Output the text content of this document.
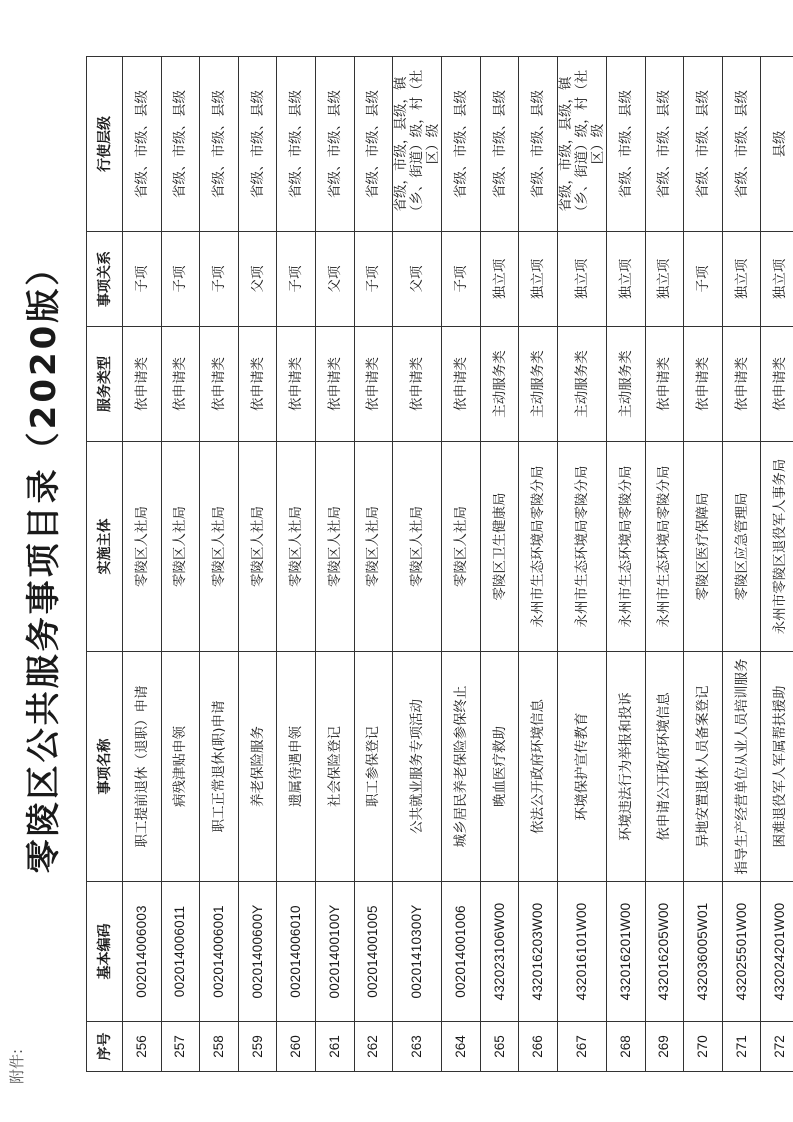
附件:
零陵区公共服务事项目录（2020版）
序号	基本编码	事项名称	实施主体	服务类型	事项关系	行使层级
256	002014006003	职工提前退休（退职）申请	零陵区人社局	依申请类	子项	省级、市级、县级
257	002014006011	病残津贴申领	零陵区人社局	依申请类	子项	省级、市级、县级
258	002014006001	职工正常退休(职)申请	零陵区人社局	依申请类	子项	省级、市级、县级
259	00201400600Y	养老保险服务	零陵区人社局	依申请类	父项	省级、市级、县级
260	002014006010	遗属待遇申领	零陵区人社局	依申请类	子项	省级、市级、县级
261	00201400100Y	社会保险登记	零陵区人社局	依申请类	父项	省级、市级、县级
262	002014001005	职工参保登记	零陵区人社局	依申请类	子项	省级、市级、县级
263	00201410300Y	公共就业服务专项活动	零陵区人社局	依申请类	父项	省级，市级，县级，镇（乡、街道）级，村（社区）级
264	002014001006	城乡居民养老保险参保终止	零陵区人社局	依申请类	子项	省级、市级、县级
265	432023106W00	晚血医疗救助	零陵区卫生健康局	主动服务类	独立项	省级、市级、县级
266	432016203W00	依法公开政府环境信息	永州市生态环境局零陵分局	主动服务类	独立项	省级、市级、县级
267	432016101W00	环境保护宣传教育	永州市生态环境局零陵分局	主动服务类	独立项	省级，市级，县级，镇（乡、街道）级，村（社区）级
268	432016201W00	环境违法行为举报和投诉	永州市生态环境局零陵分局	主动服务类	独立项	省级、市级、县级
269	432016205W00	依申请公开政府环境信息	永州市生态环境局零陵分局	依申请类	独立项	省级、市级、县级
270	432036005W01	异地安置退休人员备案登记	零陵区医疗保障局	依申请类	子项	省级、市级、县级
271	432025501W00	指导生产经营单位从业人员培训服务	零陵区应急管理局	依申请类	独立项	省级、市级、县级
272	432024201W00	困难退役军人军属帮扶援助	永州市零陵区退役军人事务局	依申请类	独立项	县级
